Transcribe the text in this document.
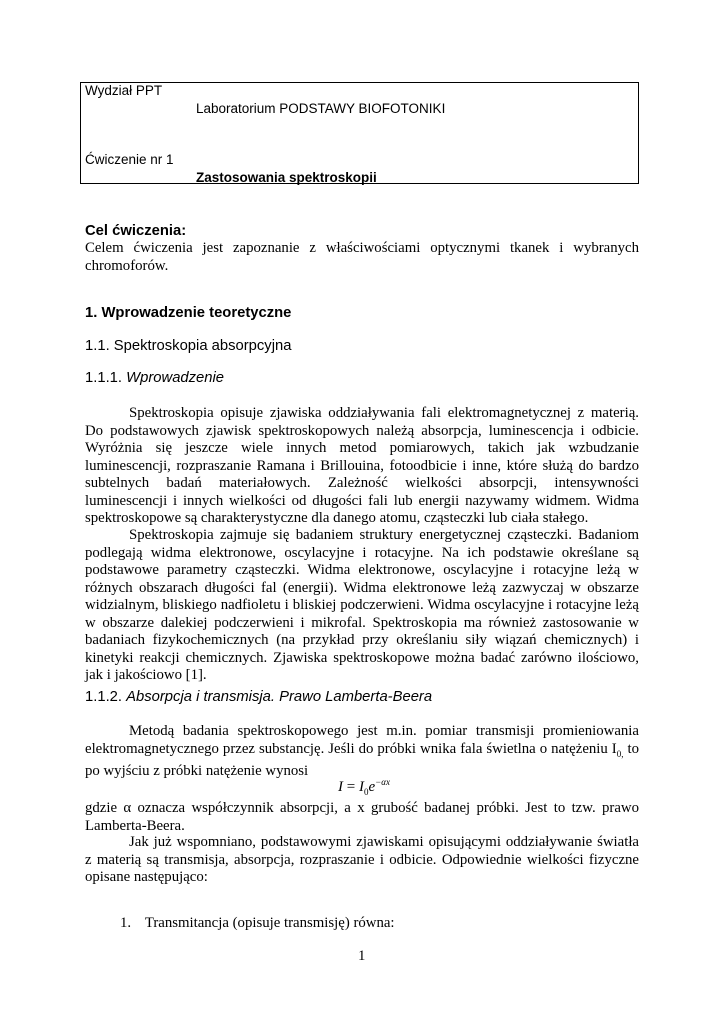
Wydział PPT
Laboratorium PODSTAWY BIOFOTONIKI
Ćwiczenie nr 1
Zastosowania spektroskopii
Cel ćwiczenia:
Celem ćwiczenia jest zapoznanie z właściwościami optycznymi tkanek i wybranych chromoforów.
1. Wprowadzenie teoretyczne
1.1. Spektroskopia absorpcyjna
1.1.1. Wprowadzenie
Spektroskopia opisuje zjawiska oddziaływania fali elektromagnetycznej z materią. Do podstawowych zjawisk spektroskopowych należą absorpcja, luminescencja i odbicie. Wyróżnia się jeszcze wiele innych metod pomiarowych, takich jak wzbudzanie luminescencji, rozpraszanie Ramana i Brillouina, fotoodbicie i inne, które służą do bardzo subtelnych badań materiałowych. Zależność wielkości absorpcji, intensywności luminescencji i innych wielkości od długości fali lub energii nazywamy widmem. Widma spektroskopowe są charakterystyczne dla danego atomu, cząsteczki lub ciała stałego.
Spektroskopia zajmuje się badaniem struktury energetycznej cząsteczki. Badaniom podlegają widma elektronowe, oscylacyjne i rotacyjne. Na ich podstawie określane są podstawowe parametry cząsteczki. Widma elektronowe, oscylacyjne i rotacyjne leżą w różnych obszarach długości fal (energii). Widma elektronowe leżą zazwyczaj w obszarze widzialnym, bliskiego nadfioletu i bliskiej podczerwieni. Widma oscylacyjne i rotacyjne leżą w obszarze dalekiej podczerwieni i mikrofal. Spektroskopia ma również zastosowanie w badaniach fizykochemicznych (na przykład przy określaniu siły wiązań chemicznych) i kinetyki reakcji chemicznych. Zjawiska spektroskopowe można badać zarówno ilościowo, jak i jakościowo [1].
1.1.2. Absorpcja i transmisja. Prawo Lamberta-Beera
Metodą badania spektroskopowego jest m.in. pomiar transmisji promieniowania elektromagnetycznego przez substancję. Jeśli do próbki wnika fala świetlna o natężeniu $I_{0,}$ to po wyjściu z próbki natężenie wynosi
$I = I_0e^{-\alpha x}$
gdzie α oznacza współczynnik absorpcji, a x grubość badanej próbki. Jest to tzw. prawo Lamberta-Beera.
Jak już wspomniano, podstawowymi zjawiskami opisującymi oddziaływanie światła z materią są transmisja, absorpcja, rozpraszanie i odbicie. Odpowiednie wielkości fizyczne opisane następująco:
1. Transmitancja (opisuje transmisję) równa:
1
